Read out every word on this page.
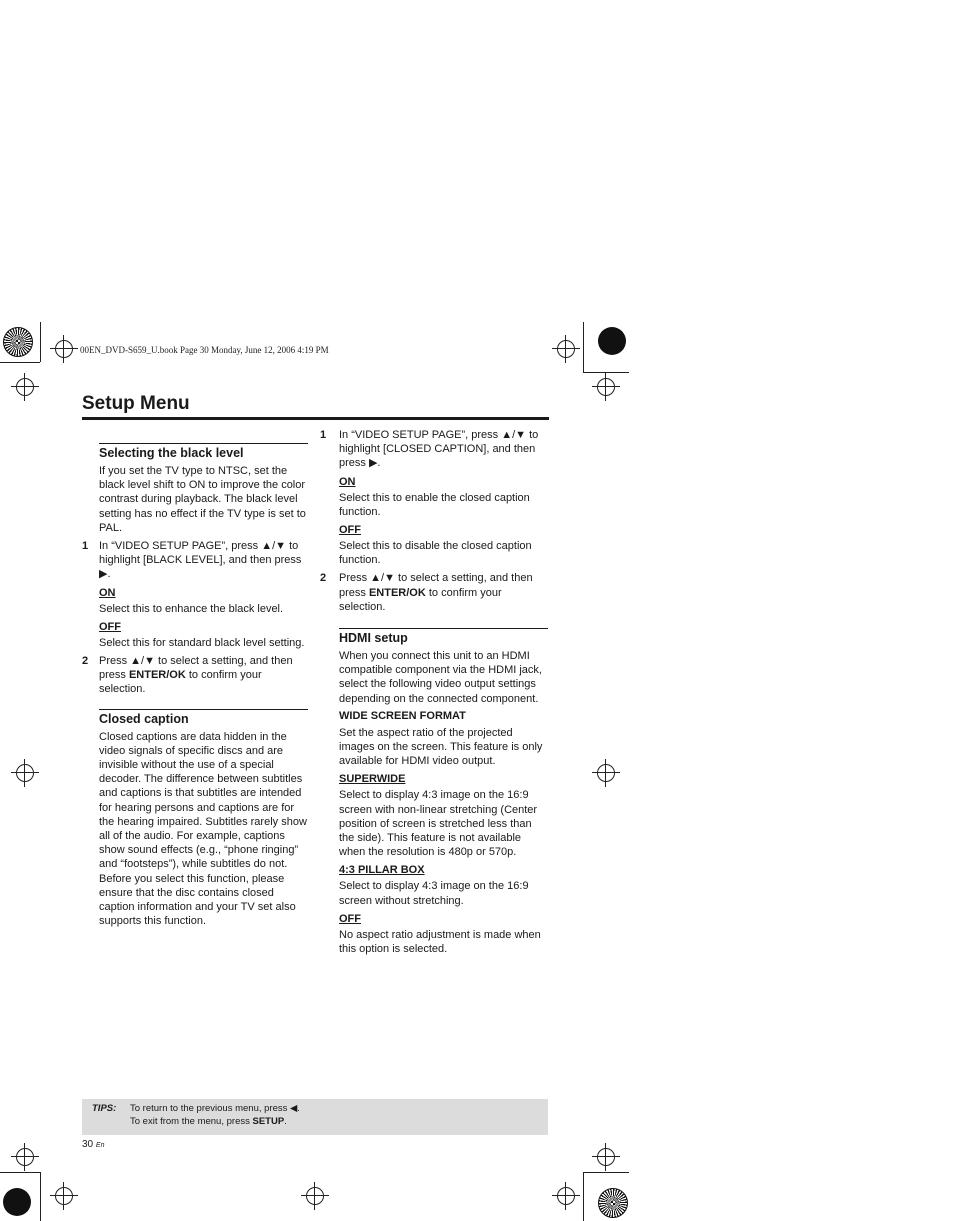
00EN_DVD-S659_U.book Page 30 Monday, June 12, 2006 4:19 PM
Setup Menu
Selecting the black level

If you set the TV type to NTSC, set the black level shift to ON to improve the color contrast during playback. The black level setting has no effect if the TV type is set to PAL.

1 In “VIDEO SETUP PAGE”, press ▲/▼ to highlight [BLACK LEVEL], and then press ▶.
ON

Select this to enhance the black level.

OFF

Select this for standard black level setting.

2 Press ▲/▼ to select a setting, and then press ENTER/OK to confirm your selection.
Closed caption

Closed captions are data hidden in the video signals of specific discs and are invisible without the use of a special decoder. The difference between subtitles and captions is that subtitles are intended for hearing persons and captions are for the hearing impaired. Subtitles rarely show all of the audio. For example, captions show sound effects (e.g., “phone ringing” and “footsteps”), while subtitles do not. Before you select this function, please ensure that the disc contains closed caption information and your TV set also supports this function.

1 In “VIDEO SETUP PAGE”, press ▲/▼ to highlight [CLOSED CAPTION], and then press ▶.
ON

Select this to enable the closed caption function.

OFF

Select this to disable the closed caption function.

2 Press ▲/▼ to select a setting, and then press ENTER/OK to confirm your selection.
HDMI setup

When you connect this unit to an HDMI compatible component via the HDMI jack, select the following video output settings depending on the connected component.

WIDE SCREEN FORMAT

Set the aspect ratio of the projected images on the screen. This feature is only available for HDMI video output.

SUPERWIDE

Select to display 4:3 image on the 16:9 screen with non-linear stretching (Center position of screen is stretched less than the side). This feature is not available when the resolution is 480p or 570p.

4:3 PILLAR BOX

Select to display 4:3 image on the 16:9 screen without stretching.

OFF

No aspect ratio adjustment is made when this option is selected.

TIPS: To return to the previous menu, press ◀.
To exit from the menu, press SETUP.
30 En
